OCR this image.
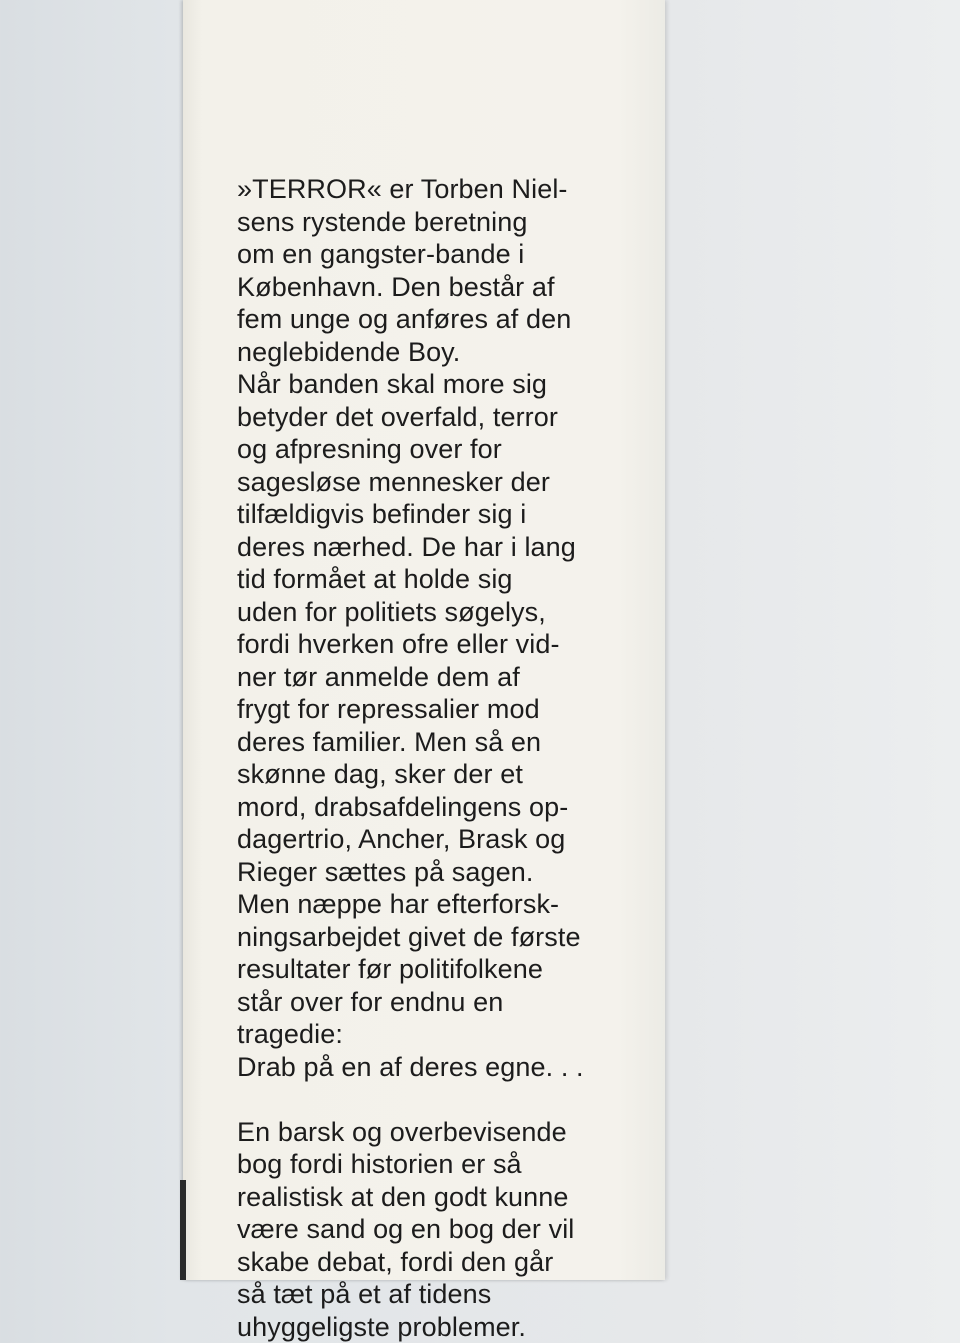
»TERROR« er Torben Niel-
sens rystende beretning
om en gangster-bande i
København. Den består af
fem unge og anføres af den
neglebidende Boy.
Når banden skal more sig
betyder det overfald, terror
og afpresning over for
sagesløse mennesker der
tilfældigvis befinder sig i
deres nærhed. De har i lang
tid formået at holde sig
uden for politiets søgelys,
fordi hverken ofre eller vid-
ner tør anmelde dem af
frygt for repressalier mod
deres familier. Men så en
skønne dag, sker der et
mord, drabsafdelingens op-
dagertrio, Ancher, Brask og
Rieger sættes på sagen.
Men næppe har efterforsk-
ningsarbejdet givet de første
resultater før politifolkene
står over for endnu en
tragedie:
Drab på en af deres egne. . .
En barsk og overbevisende
bog fordi historien er så
realistisk at den godt kunne
være sand og en bog der vil
skabe debat, fordi den går
så tæt på et af tidens
uhyggeligste problemer.
